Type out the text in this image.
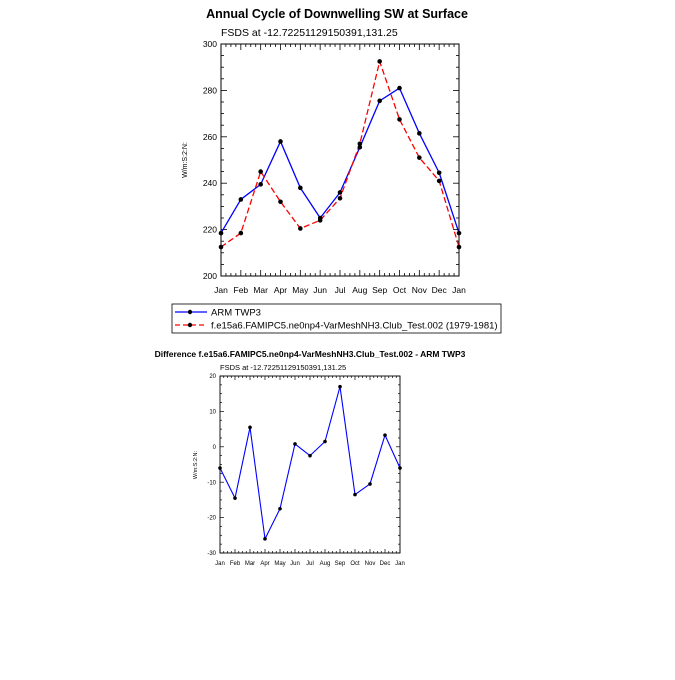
Annual Cycle of Downwelling SW at Surface
FSDS at -12.72251129150391,131.25
W/m:S:2:N:
Jan Feb Mar Apr May Jun Jul Aug Sep Oct Nov Dec Jan
200
220
240
260
280
300
ARM TWP3
f.e15a6.FAMIPC5.ne0np4-VarMeshNH3.Club_Test.002 (1979-1981)
Difference f.e15a6.FAMIPC5.ne0np4-VarMeshNH3.Club_Test.002 - ARM TWP3
FSDS at -12.72251129150391,131.25
W/m:S:2:N:
Jan Feb Mar Apr May Jun Jul Aug Sep Oct Nov Dec Jan
-30
-20
-10
0
10
20
